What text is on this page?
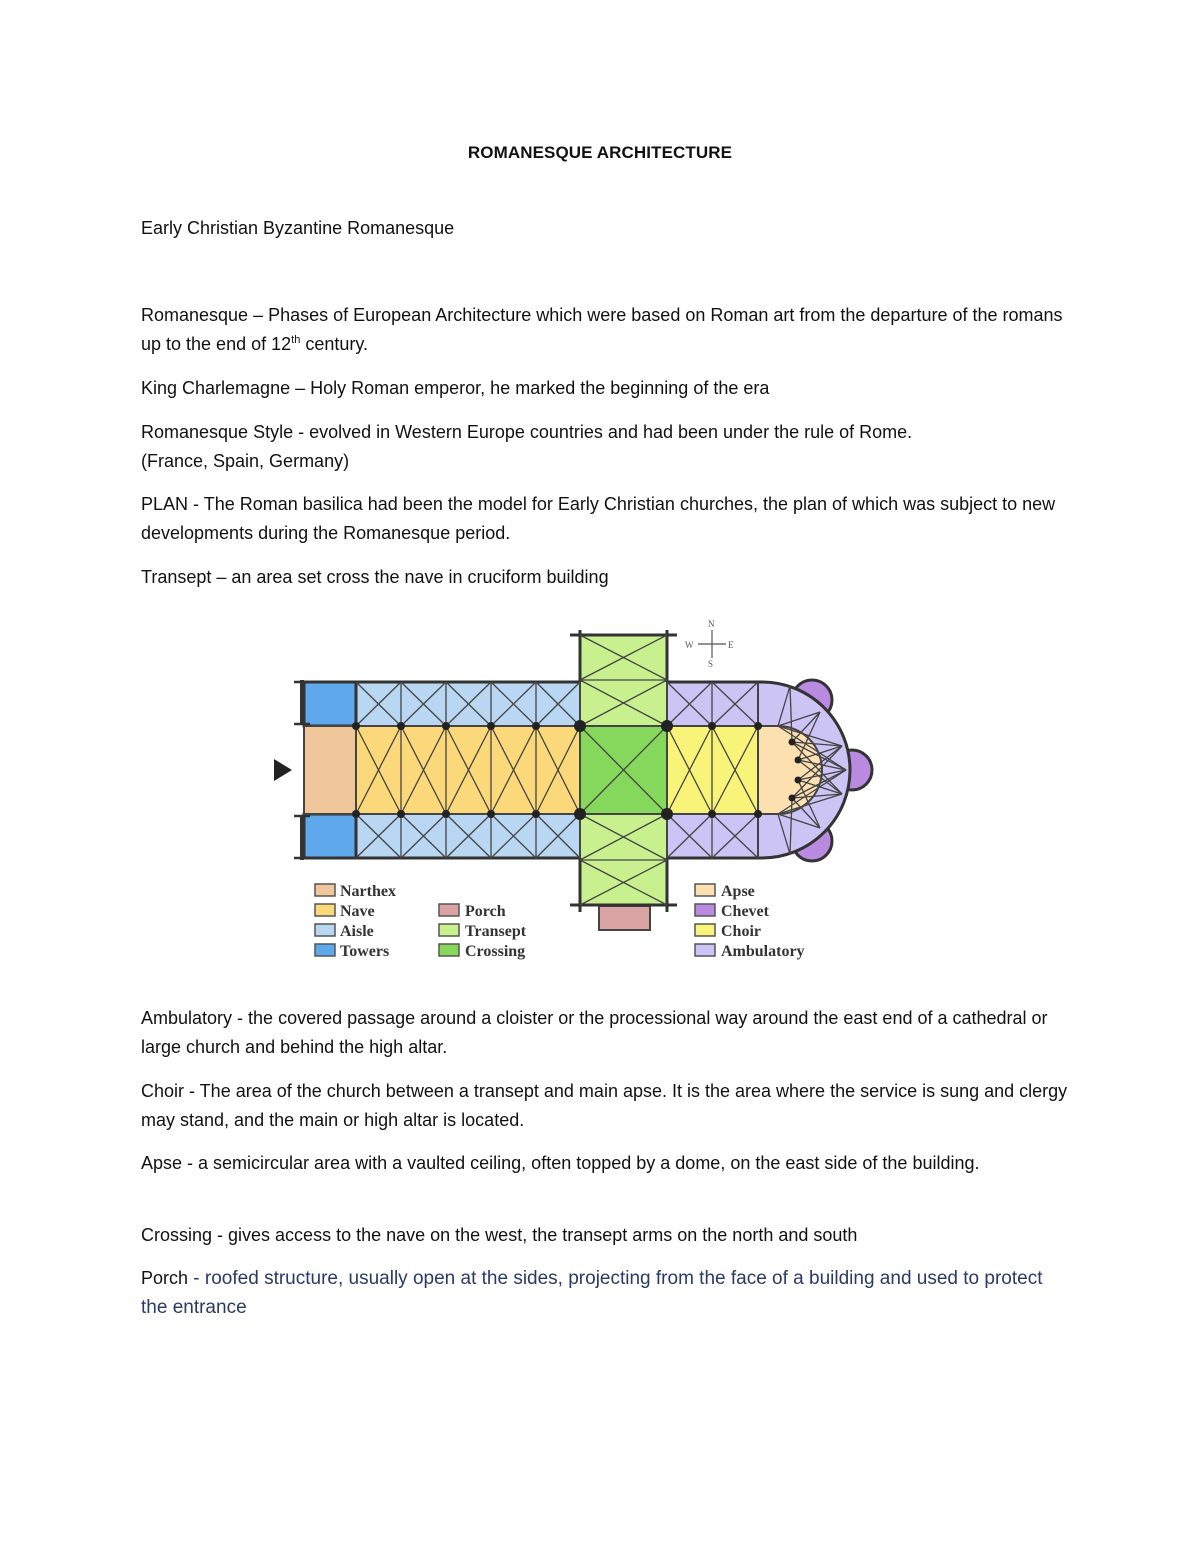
ROMANESQUE ARCHITECTURE
Early Christian Byzantine Romanesque
Romanesque – Phases of European Architecture which were based on Roman art from the departure of the romans up to the end of 12th century.
King Charlemagne – Holy Roman emperor, he marked the beginning of the era
Romanesque Style - evolved in Western Europe countries and had been under the rule of Rome.
(France, Spain, Germany)
PLAN - The Roman basilica had been the model for Early Christian churches, the plan of which was subject to new developments during the Romanesque period.
Transept – an area set cross the nave in cruciform building
N
E
S
W
Narthex
Nave
Aisle
Towers
Porch
Transept
Crossing
Apse
Chevet
Choir
Ambulatory
Ambulatory - the covered passage around a cloister or the processional way around the east end of a cathedral or large church and behind the high altar.
Choir - The area of the church between a transept and main apse. It is the area where the service is sung and clergy may stand, and the main or high altar is located.
Apse - a semicircular area with a vaulted ceiling, often topped by a dome, on the east side of the building.
Crossing - gives access to the nave on the west, the transept arms on the north and south
Porch - roofed structure, usually open at the sides, projecting from the face of a building and used to protect the entrance
